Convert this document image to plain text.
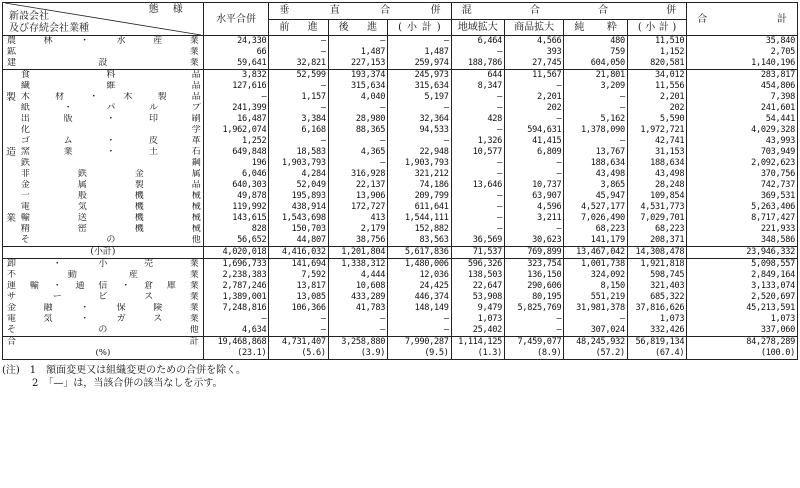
態様
新設会社
及び存続会社業種		水平合併	垂直合併			混合合併				合計
			前進	後進	(小計)	地域拡大	商品拡大	純粋	(小計)	
農林・水産業		24,330	—	—	—	6,464	4,566	480	11,510	35,840
鉱業		66	—	1,487	1,487	—	393	759	1,152	2,705
建設業		59,641	32,821	227,153	259,974	188,786	27,745	604,050	820,581	1,140,196
	食料品	3,832	52,599	193,374	245,973	644	11,567	21,801	34,012	283,817
	繊維品	127,616	—	315,634	315,634	8,347	—	3,209	11,556	454,806
製	木材・木製品	—	1,157	4,040	5,197	—	2,201	—	2,201	7,398
	紙・パルプ	241,399	—	—	—	—	202	—	202	241,601
	出版・印刷	16,487	3,384	28,980	32,364	428	—	5,162	5,590	54,441
	化学	1,962,074	6,168	88,365	94,533	—	594,631	1,378,090	1,972,721	4,029,328
	ゴム・皮革	1,252	—	—	—	1,326	41,415	—	42,741	43,993
造	窯業・土石	649,848	18,583	4,365	22,948	10,577	6,809	13,767	31,153	703,949
	鉄鋼	196	1,903,793	—	1,903,793	—	—	188,634	188,634	2,092,623
	非鉄金属	6,046	4,284	316,928	321,212	—	—	43,498	43,498	370,756
	金属製品	640,303	52,049	22,137	74,186	13,646	10,737	3,865	28,248	742,737
	一般機械	49,878	195,893	13,906	209,799	—	63,907	45,947	109,854	369,531
	電気機械	119,992	438,914	172,727	611,641	—	4,596	4,527,177	4,531,773	5,263,406
業	輸送機械	143,615	1,543,698	413	1,544,111	—	3,211	7,026,490	7,029,701	8,717,427
	精密機械	828	150,703	2,179	152,882	—	—	68,223	68,223	221,933
	その他	56,652	44,807	38,756	83,563	36,569	30,623	141,179	208,371	348,586
(小計)		4,020,018	4,416,032	1,201,804	5,617,836	71,537	769,899	13,467,042	14,308,478	23,946,332
卸・小売業		1,696,733	141,694	1,338,312	1,480,006	596,326	323,754	1,001,738	1,921,818	5,098,557
不動産業		2,238,383	7,592	4,444	12,036	138,503	136,150	324,092	598,745	2,849,164
運輸・通信・倉庫業		2,787,246	13,817	10,608	24,425	22,647	290,606	8,150	321,403	3,133,074
サービス業		1,389,001	13,085	433,289	446,374	53,908	80,195	551,219	685,322	2,520,697
金融・保険業		7,248,816	106,366	41,783	148,149	9,479	5,825,769	31,981,378	37,816,626	45,213,591
電気・ガス業		—	—	—	—	1,073	—	—	1,073	1,073
その他		4,634	—	—	—	25,402	—	307,024	332,426	337,060
合計		19,468,868	4,731,407	3,258,880	7,990,287	1,114,125	7,459,077	48,245,932	56,819,134	84,278,289
(%)		(23.1)	(5.6)	(3.9)	(9.5)	(1.3)	(8.9)	(57.2)	(67.4)	(100.0)
(注)　1　額面変更又は組織変更のための合併を除く。
　　　2　「—」は，当該合併の該当なしを示す。
